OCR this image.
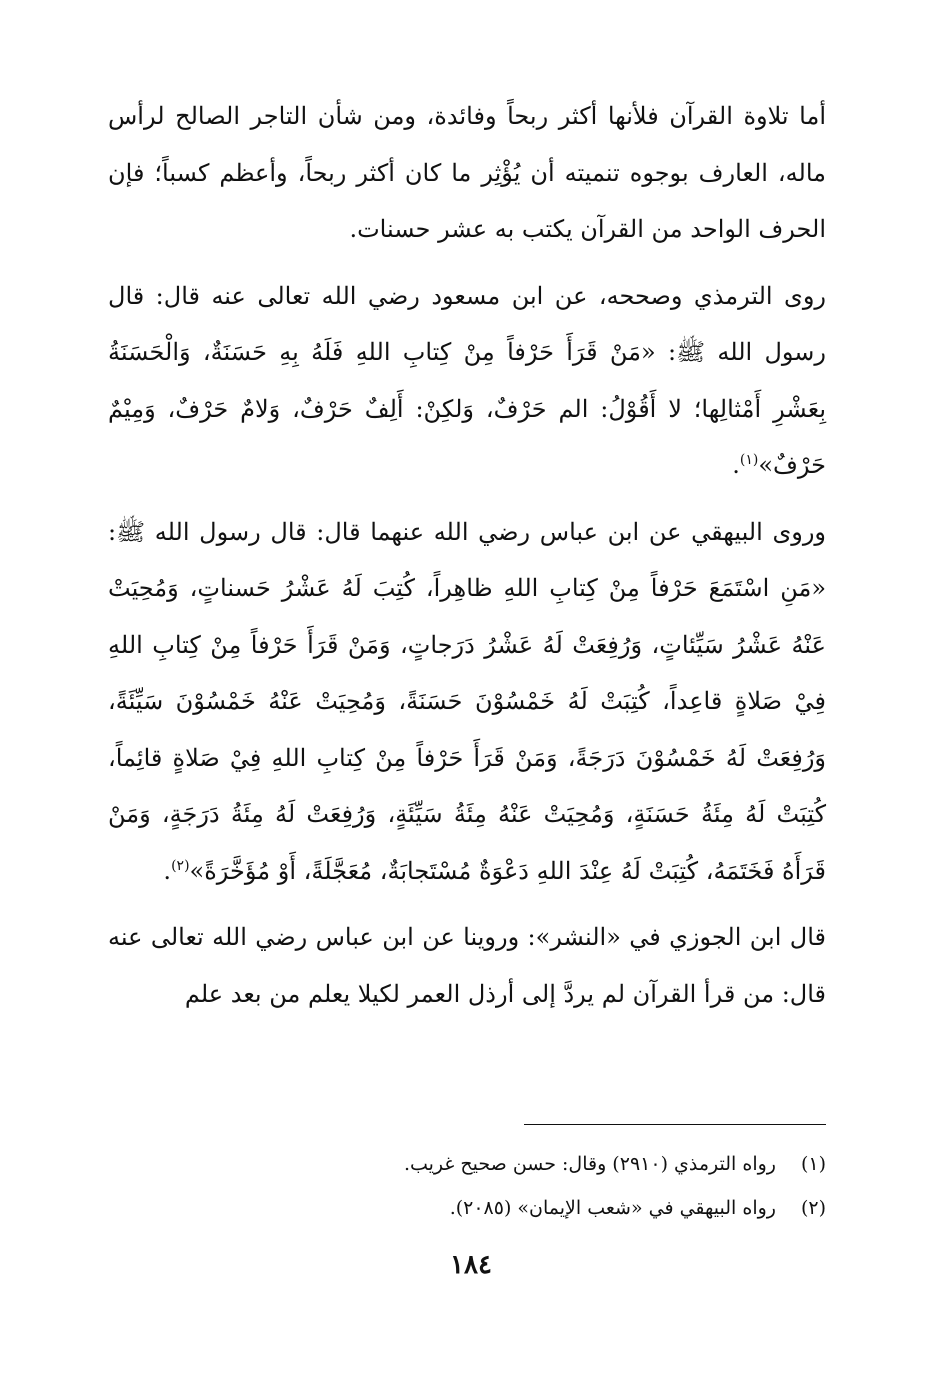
أما تلاوة القرآن فلأنها أكثر ربحاً وفائدة، ومن شأن التاجر الصالح لرأس ماله، العارف بوجوه تنميته أن يُؤْثِر ما كان أكثر ربحاً، وأعظم كسباً؛ فإن الحرف الواحد من القرآن يكتب به عشر حسنات.

روى الترمذي وصححه، عن ابن مسعود رضي الله تعالى عنه قال: قال رسول الله ﷺ: «مَنْ قَرَأَ حَرْفاً مِنْ كِتابِ اللهِ فَلَهُ بِهِ حَسَنَةٌ، وَالْحَسَنَةُ بِعَشْرِ أَمْثالِها؛ لا أَقُوْلُ: الم حَرْفٌ، وَلكِنْ: أَلِفٌ حَرْفٌ، وَلامٌ حَرْفٌ، وَمِيْمٌ حَرْفٌ»$^{(١)}$.

وروى البيهقي عن ابن عباس رضي الله عنهما قال: قال رسول الله ﷺ: «مَنِ اسْتَمَعَ حَرْفاً مِنْ كِتابِ اللهِ ظاهِراً، كُتِبَ لَهُ عَشْرُ حَسناتٍ، وَمُحِيَتْ عَنْهُ عَشْرُ سَيِّئاتٍ، وَرُفِعَتْ لَهُ عَشْرُ دَرَجاتٍ، وَمَنْ قَرَأَ حَرْفاً مِنْ كِتابِ اللهِ فِيْ صَلاةٍ قاعِداً، كُتِبَتْ لَهُ خَمْسُوْنَ حَسَنَةً، وَمُحِيَتْ عَنْهُ خَمْسُوْنَ سَيِّئَةً، وَرُفِعَتْ لَهُ خَمْسُوْنَ دَرَجَةً، وَمَنْ قَرَأَ حَرْفاً مِنْ كِتابِ اللهِ فِيْ صَلاةٍ قائِماً، كُتِبَتْ لَهُ مِئَةُ حَسَنَةٍ، وَمُحِيَتْ عَنْهُ مِئَةُ سَيِّئَةٍ، وَرُفِعَتْ لَهُ مِئَةُ دَرَجَةٍ، وَمَنْ قَرَأَهُ فَخَتَمَهُ، كُتِبَتْ لَهُ عِنْدَ اللهِ دَعْوَةٌ مُسْتَجابَةٌ، مُعَجَّلَةً، أَوْ مُؤَخَّرَةً»$^{(٢)}$.

قال ابن الجوزي في «النشر»: وروينا عن ابن عباس رضي الله تعالى عنه قال: من قرأ القرآن لم يردَّ إلى أرذل العمر لكيلا يعلم من بعد علم

(١) رواه الترمذي (٢٩١٠) وقال: حسن صحيح غريب.
(٢) رواه البيهقي في «شعب الإيمان» (٢٠٨٥).
١٨٤
